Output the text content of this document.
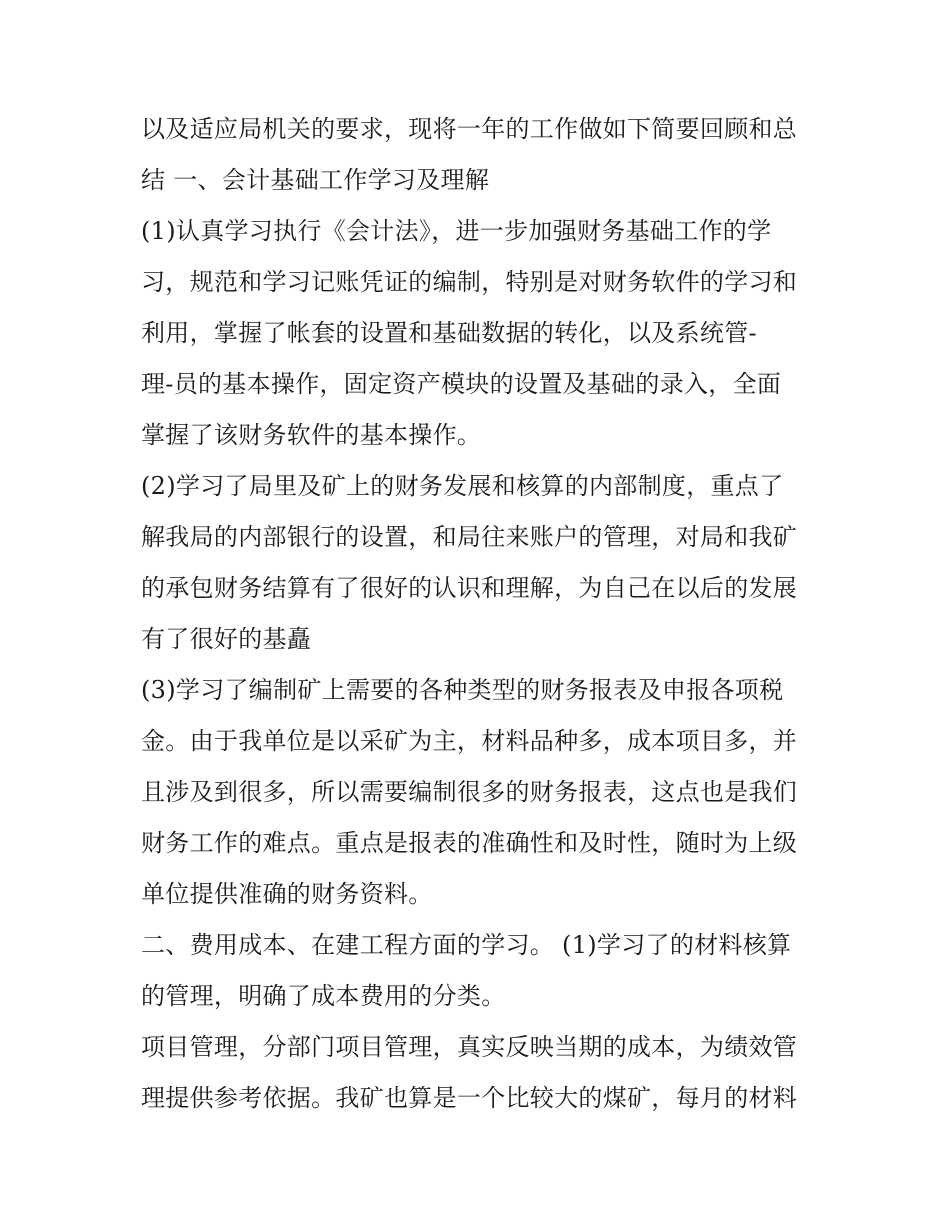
以及适应局机关的要求，现将一年的工作做如下简要回顾和总
结 一、会计基础工作学习及理解
(1)认真学习执行《会计法》，进一步加强财务基础工作的学
习，规范和学习记账凭证的编制，特别是对财务软件的学习和
利用，掌握了帐套的设置和基础数据的转化，以及系统管-
理-员的基本操作，固定资产模块的设置及基础的录入，全面
掌握了该财务软件的基本操作。
(2)学习了局里及矿上的财务发展和核算的内部制度，重点了
解我局的内部银行的设置，和局往来账户的管理，对局和我矿
的承包财务结算有了很好的认识和理解，为自己在以后的发展
有了很好的基矗
(3)学习了编制矿上需要的各种类型的财务报表及申报各项税
金。由于我单位是以采矿为主，材料品种多，成本项目多，并
且涉及到很多，所以需要编制很多的财务报表，这点也是我们
财务工作的难点。重点是报表的准确性和及时性，随时为上级
单位提供准确的财务资料。
二、费用成本、在建工程方面的学习。 (1)学习了的材料核算
的管理，明确了成本费用的分类。
项目管理，分部门项目管理，真实反映当期的成本，为绩效管
理提供参考依据。我矿也算是一个比较大的煤矿，每月的材料
